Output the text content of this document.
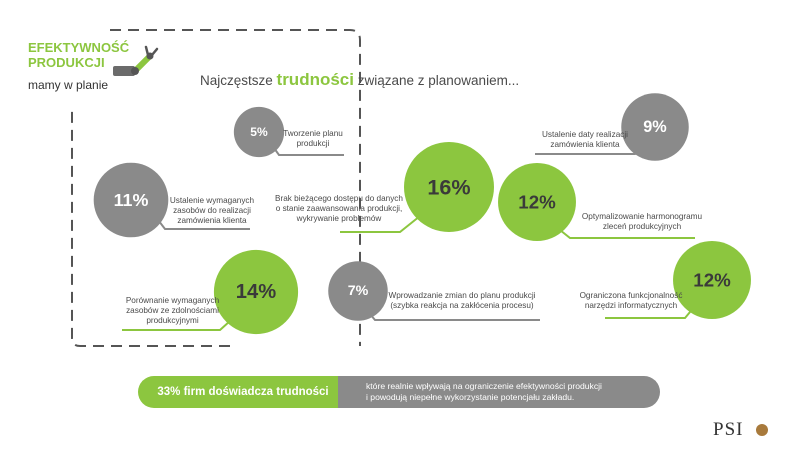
5%
16%
12%
9%
11%
14%	7%
12%
EFEKTYWNOŚĆ
PRODUKCJI
mamy w planie	Najczęstsze trudności związane z planowaniem...
Tworzenie planu
produkcji
Brak bieżącego dostępu do danych
o stanie zaawansowania produkcji,
wykrywanie problemów	Optymalizowanie harmonogramu
zleceń produkcyjnych
Ustalenie daty realizacji
zamówienia klienta
Ustalenie wymaganych
zasobów do realizacji
zamówienia klienta
Porównanie wymaganych
zasobów ze zdolnościami
produkcyjnymi
Wprowadzanie zmian do planu produkcji
(szybka reakcja na zakłócenia procesu)
Ograniczona funkcjonalność
narzędzi informatycznych
33% firm doświadcza trudności	które realnie wpływają na ograniczenie efektywności produkcji
i powodują niepełne wykorzystanie potencjału zakładu.
PSI
